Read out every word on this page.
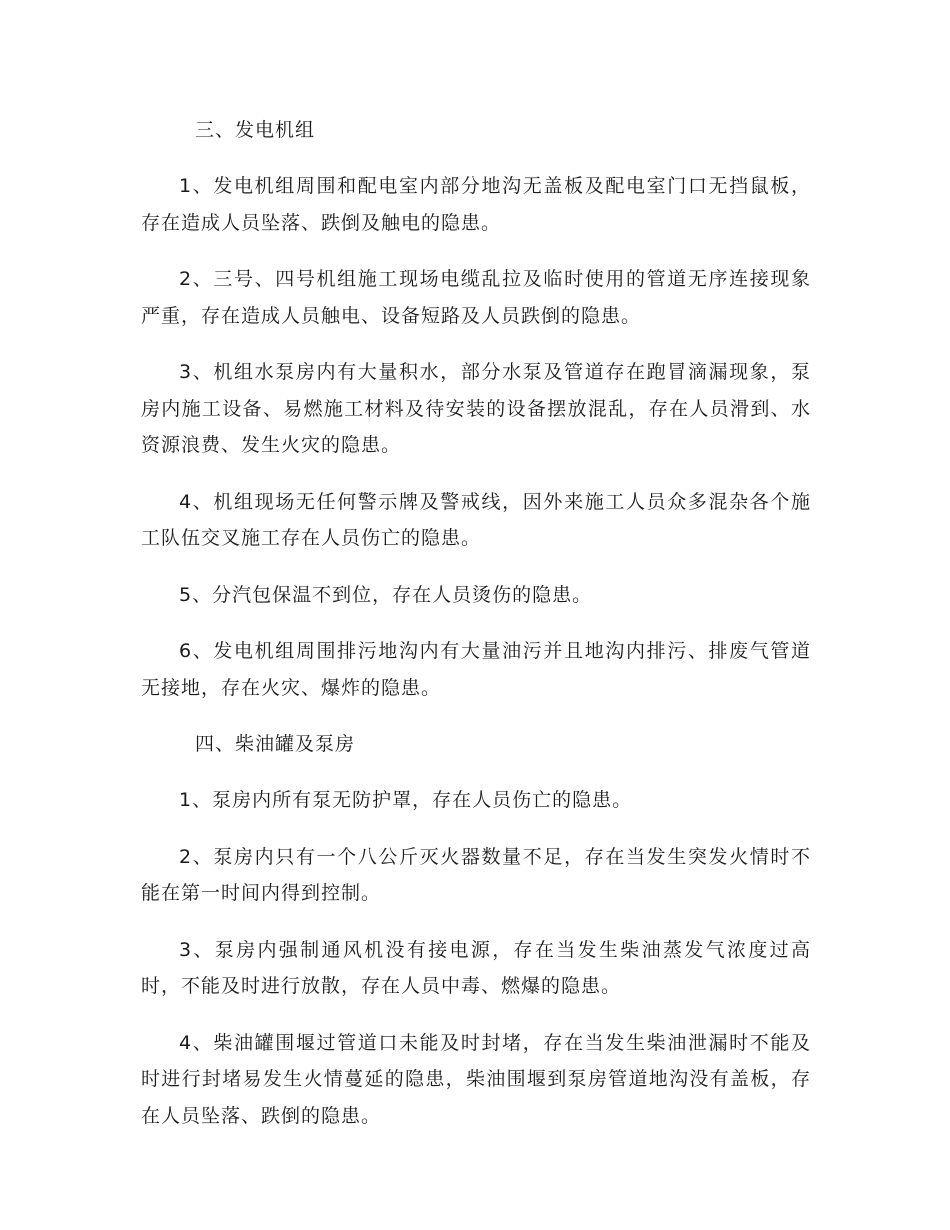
三、发电机组

1、发电机组周围和配电室内部分地沟无盖板及配电室门口无挡鼠板，存在造成人员坠落、跌倒及触电的隐患。

2、三号、四号机组施工现场电缆乱拉及临时使用的管道无序连接现象严重，存在造成人员触电、设备短路及人员跌倒的隐患。

3、机组水泵房内有大量积水，部分水泵及管道存在跑冒滴漏现象，泵房内施工设备、易燃施工材料及待安装的设备摆放混乱，存在人员滑到、水资源浪费、发生火灾的隐患。

4、机组现场无任何警示牌及警戒线，因外来施工人员众多混杂各个施工队伍交叉施工存在人员伤亡的隐患。

5、分汽包保温不到位，存在人员烫伤的隐患。

6、发电机组周围排污地沟内有大量油污并且地沟内排污、排废气管道无接地，存在火灾、爆炸的隐患。

四、柴油罐及泵房

1、泵房内所有泵无防护罩，存在人员伤亡的隐患。

2、泵房内只有一个八公斤灭火器数量不足，存在当发生突发火情时不能在第一时间内得到控制。

3、泵房内强制通风机没有接电源，存在当发生柴油蒸发气浓度过高时，不能及时进行放散，存在人员中毒、燃爆的隐患。

4、柴油罐围堰过管道口未能及时封堵，存在当发生柴油泄漏时不能及时进行封堵易发生火情蔓延的隐患，柴油围堰到泵房管道地沟没有盖板，存在人员坠落、跌倒的隐患。
